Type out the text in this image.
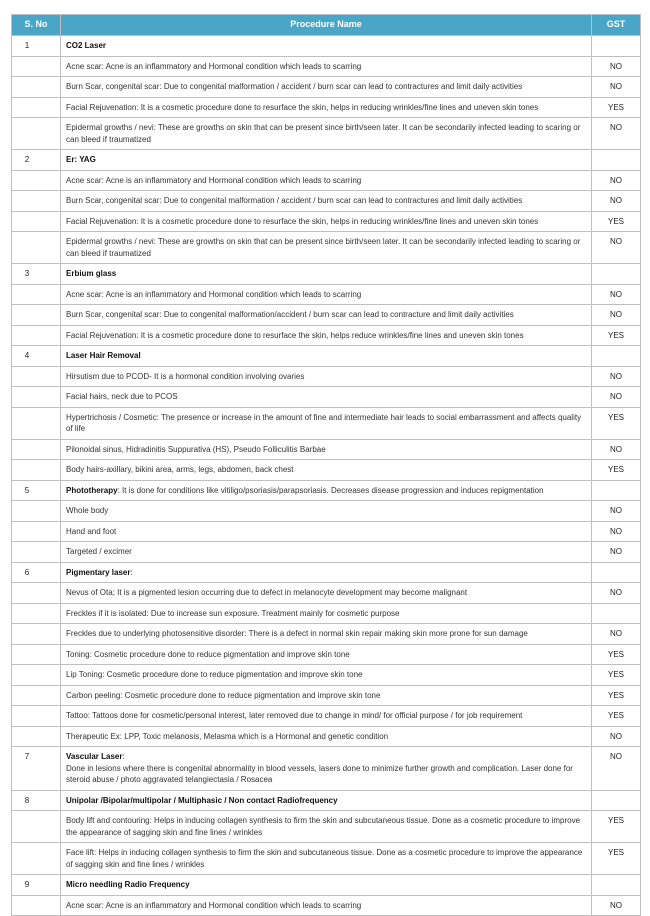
S. No	Procedure Name	GST
1	CO2 Laser	
	Acne scar: Acne is an inflammatory and Hormonal condition which leads to scarring	NO
	Burn Scar, congenital scar: Due to congenital malformation / accident / burn scar can lead to contractures and limit daily activities	NO
	Facial Rejuvenation: It is a cosmetic procedure done to resurface the skin, helps in reducing wrinkles/fine lines and uneven skin tones	YES
	Epidermal growths / nevi: These are growths on skin that can be present since birth/seen later. It can be secondarily infected leading to scaring or can bleed if traumatized	NO
2	Er: YAG	
	Acne scar: Acne is an inflammatory and Hormonal condition which leads to scarring	NO
	Burn Scar, congenital scar: Due to congenital malformation / accident / burn scar can lead to contractures and limit daily activities	NO
	Facial Rejuvenation: It is a cosmetic procedure done to resurface the skin, helps in reducing wrinkles/fine lines and uneven skin tones	YES
	Epidermal growths / nevi: These are growths on skin that can be present since birth/seen later. It can be secondarily infected leading to scaring or can bleed if traumatized	NO
3	Erbium glass	
	Acne scar: Acne is an inflammatory and Hormonal condition which leads to scarring	NO
	Burn Scar, congenital scar: Due to congenital malformation/accident / burn scar can lead to contracture and limit daily activities	NO
	Facial Rejuvenation: It is a cosmetic procedure done to resurface the skin, helps reduce wrinkles/fine lines and uneven skin tones	YES
4	Laser Hair Removal	
	Hirsutism due to PCOD- It is a hormonal condition involving ovaries	NO
	Facial hairs, neck due to PCOS	NO
	Hypertrichosis / Cosmetic: The presence or increase in the amount of fine and intermediate hair leads to social embarrassment and affects quality of life	YES
	Pilonoidal sinus, Hidradinitis Suppurativa (HS), Pseudo Folliculitis Barbae	NO
	Body hairs-axillary, bikini area, arms, legs, abdomen, back chest	YES
5	Phototherapy: It is done for conditions like vitiligo/psoriasis/parapsoriasis. Decreases disease progression and induces repigmentation	
	Whole body	NO
	Hand and foot	NO
	Targeted / excimer	NO
6	Pigmentary laser:	
	Nevus of Ota; It is a pigmented lesion occurring due to defect in melanocyte development may become malignant	NO
	Freckles if it is isolated: Due to increase sun exposure. Treatment mainly for cosmetic purpose	
	Freckles due to underlying photosensitive disorder: There is a defect in normal skin repair making skin more prone for sun damage	NO
	Toning: Cosmetic procedure done to reduce pigmentation and improve skin tone	YES
	Lip Toning: Cosmetic procedure done to reduce pigmentation and improve skin tone	YES
	Carbon peeling: Cosmetic procedure done to reduce pigmentation and improve skin tone	YES
	Tattoo: Tattoos done for cosmetic/personal interest, later removed due to change in mind/ for official purpose / for job requirement	YES
	Therapeutic Ex: LPP, Toxic melanosis, Melasma which is a Hormonal and genetic condition	NO
7	Vascular Laser:
Done in lesions where there is congenital abnormality in blood vessels, lasers done to minimize further growth and complication. Laser done for steroid abuse / photo aggravated telangiectasia / Rosacea	NO
8	Unipolar /Bipolar/multipolar / Multiphasic / Non contact Radiofrequency	
	Body lift and contouring: Helps in inducing collagen synthesis to firm the skin and subcutaneous tissue. Done as a cosmetic procedure to improve the appearance of sagging skin and fine lines / wrinkles	YES
	Face lift: Helps in inducing collagen synthesis to firm the skin and subcutaneous tissue. Done as a cosmetic procedure to improve the appearance of sagging skin and fine lines / wrinkles	YES
9	Micro needling Radio Frequency	
	Acne scar: Acne is an inflammatory and Hormonal condition which leads to scarring	NO
